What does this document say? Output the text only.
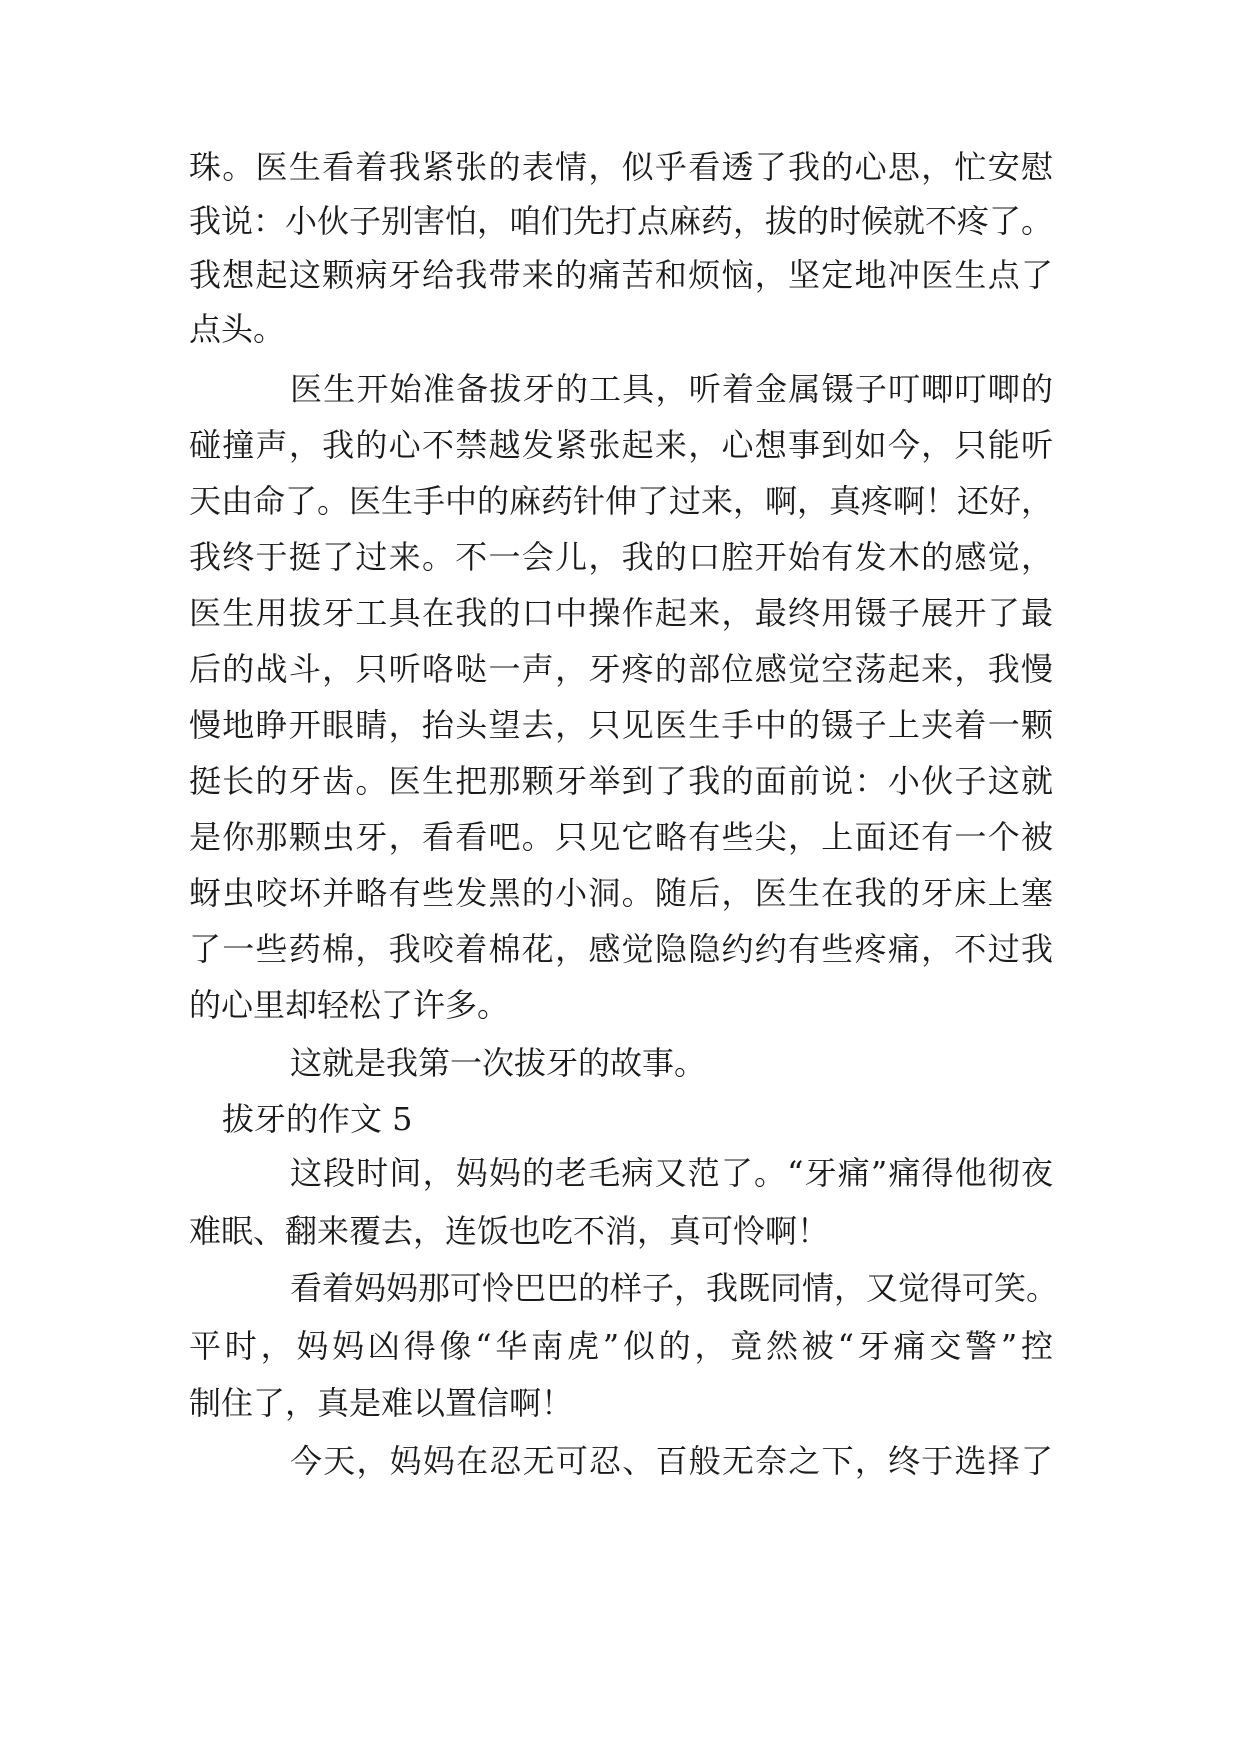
珠。医生看着我紧张的表情，似乎看透了我的心思，忙安慰
我说：小伙子别害怕，咱们先打点麻药，拔的时候就不疼了。
我想起这颗病牙给我带来的痛苦和烦恼，坚定地冲医生点了
点头。
医生开始准备拔牙的工具，听着金属镊子叮唧叮唧的
碰撞声，我的心不禁越发紧张起来，心想事到如今，只能听
天由命了。医生手中的麻药针伸了过来，啊，真疼啊！还好，
我终于挺了过来。不一会儿，我的口腔开始有发木的感觉，
医生用拔牙工具在我的口中操作起来，最终用镊子展开了最
后的战斗，只听咯哒一声，牙疼的部位感觉空荡起来，我慢
慢地睁开眼睛，抬头望去，只见医生手中的镊子上夹着一颗
挺长的牙齿。医生把那颗牙举到了我的面前说：小伙子这就
是你那颗虫牙，看看吧。只见它略有些尖，上面还有一个被
蚜虫咬坏并略有些发黑的小洞。随后，医生在我的牙床上塞
了一些药棉，我咬着棉花，感觉隐隐约约有些疼痛，不过我
的心里却轻松了许多。
这就是我第一次拔牙的故事。
拔牙的作文 5
这段时间，妈妈的老毛病又范了。“牙痛”痛得他彻夜
难眠、翻来覆去，连饭也吃不消，真可怜啊！
看着妈妈那可怜巴巴的样子，我既同情，又觉得可笑。
平时，妈妈凶得像“华南虎”似的，竟然被“牙痛交警”控
制住了，真是难以置信啊！
今天，妈妈在忍无可忍、百般无奈之下，终于选择了
